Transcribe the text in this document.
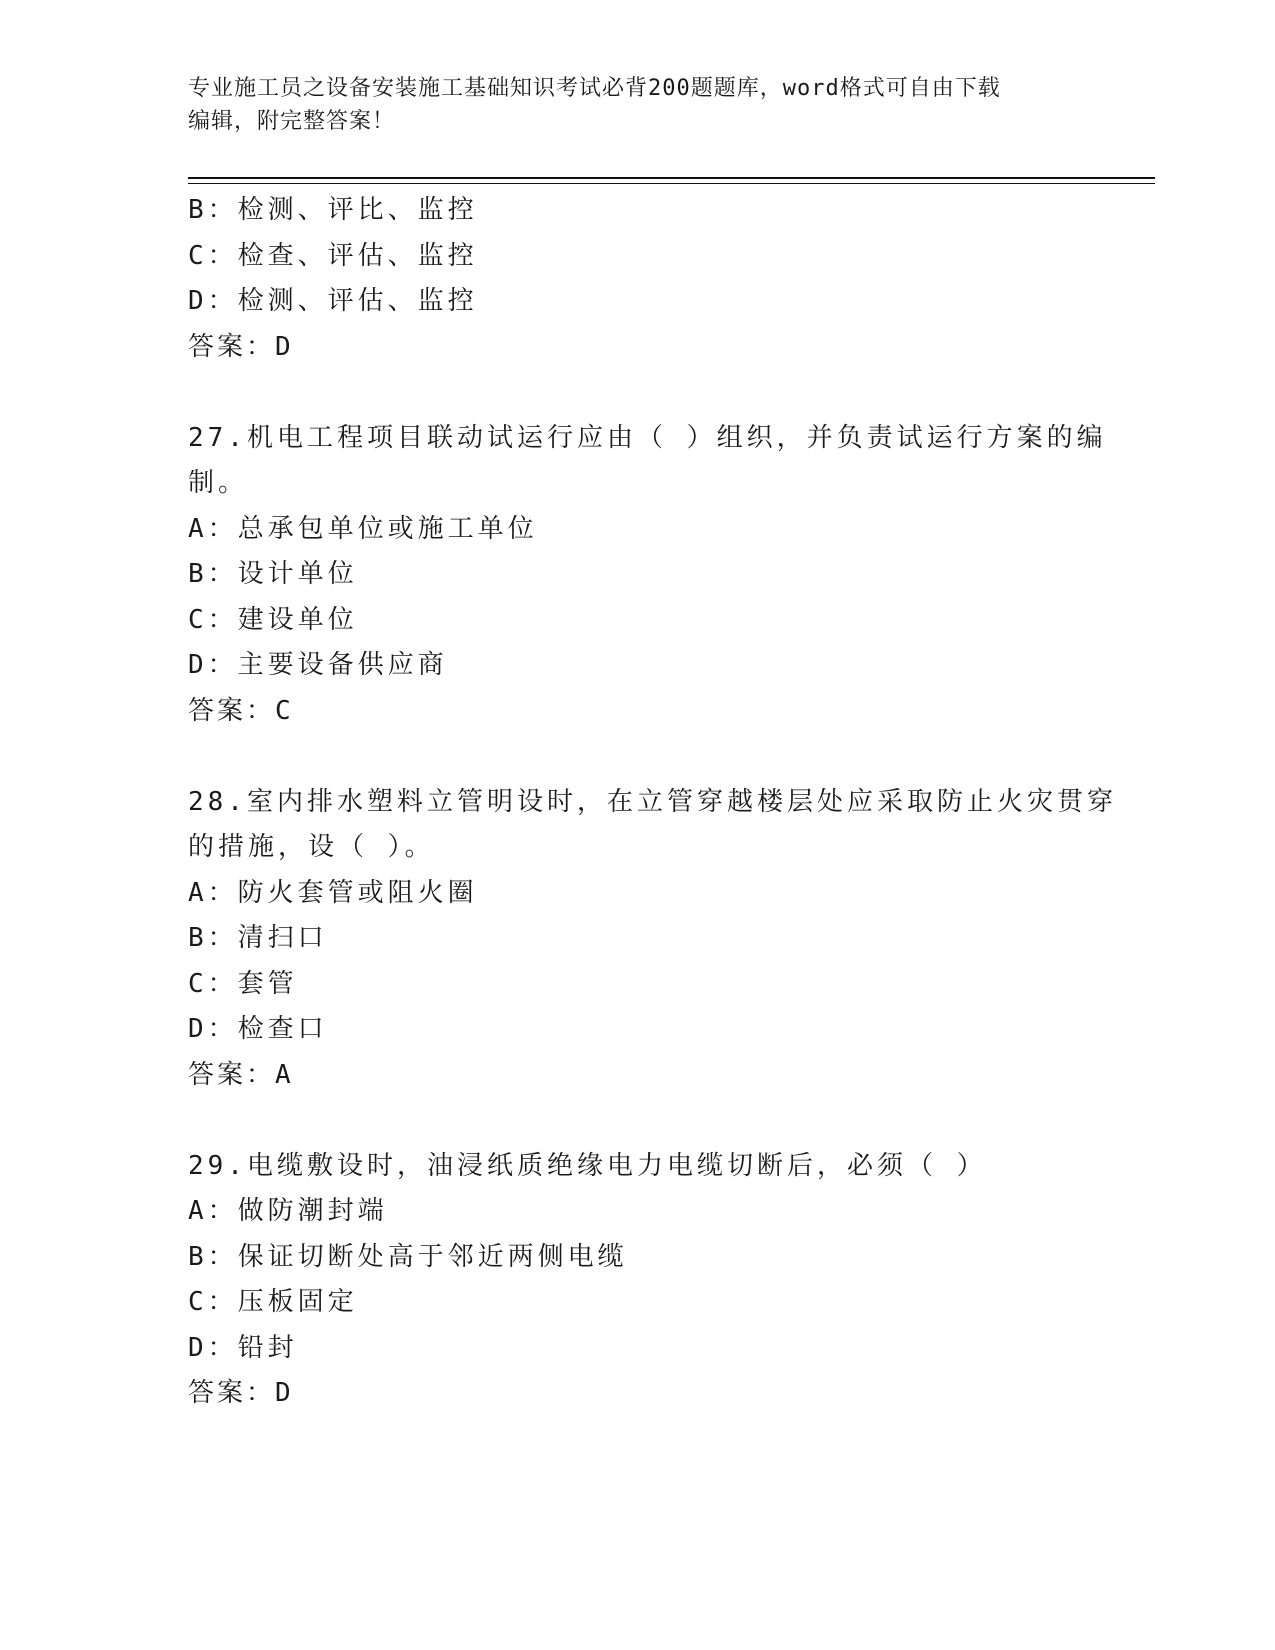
专业施工员之设备安装施工基础知识考试必背200题题库，word格式可自由下载
编辑，附完整答案！
B：检测、评比、监控
C：检查、评估、监控
D：检测、评估、监控
答案：D
27.机电工程项目联动试运行应由（ ）组织，并负责试运行方案的编
制。
A：总承包单位或施工单位
B：设计单位
C：建设单位
D：主要设备供应商
答案：C
28.室内排水塑料立管明设时，在立管穿越楼层处应采取防止火灾贯穿
的措施，设（ ）。
A：防火套管或阻火圈
B：清扫口
C：套管
D：检查口
答案：A
29.电缆敷设时，油浸纸质绝缘电力电缆切断后，必须（ ）
A：做防潮封端
B：保证切断处高于邻近两侧电缆
C：压板固定
D：铅封
答案：D
